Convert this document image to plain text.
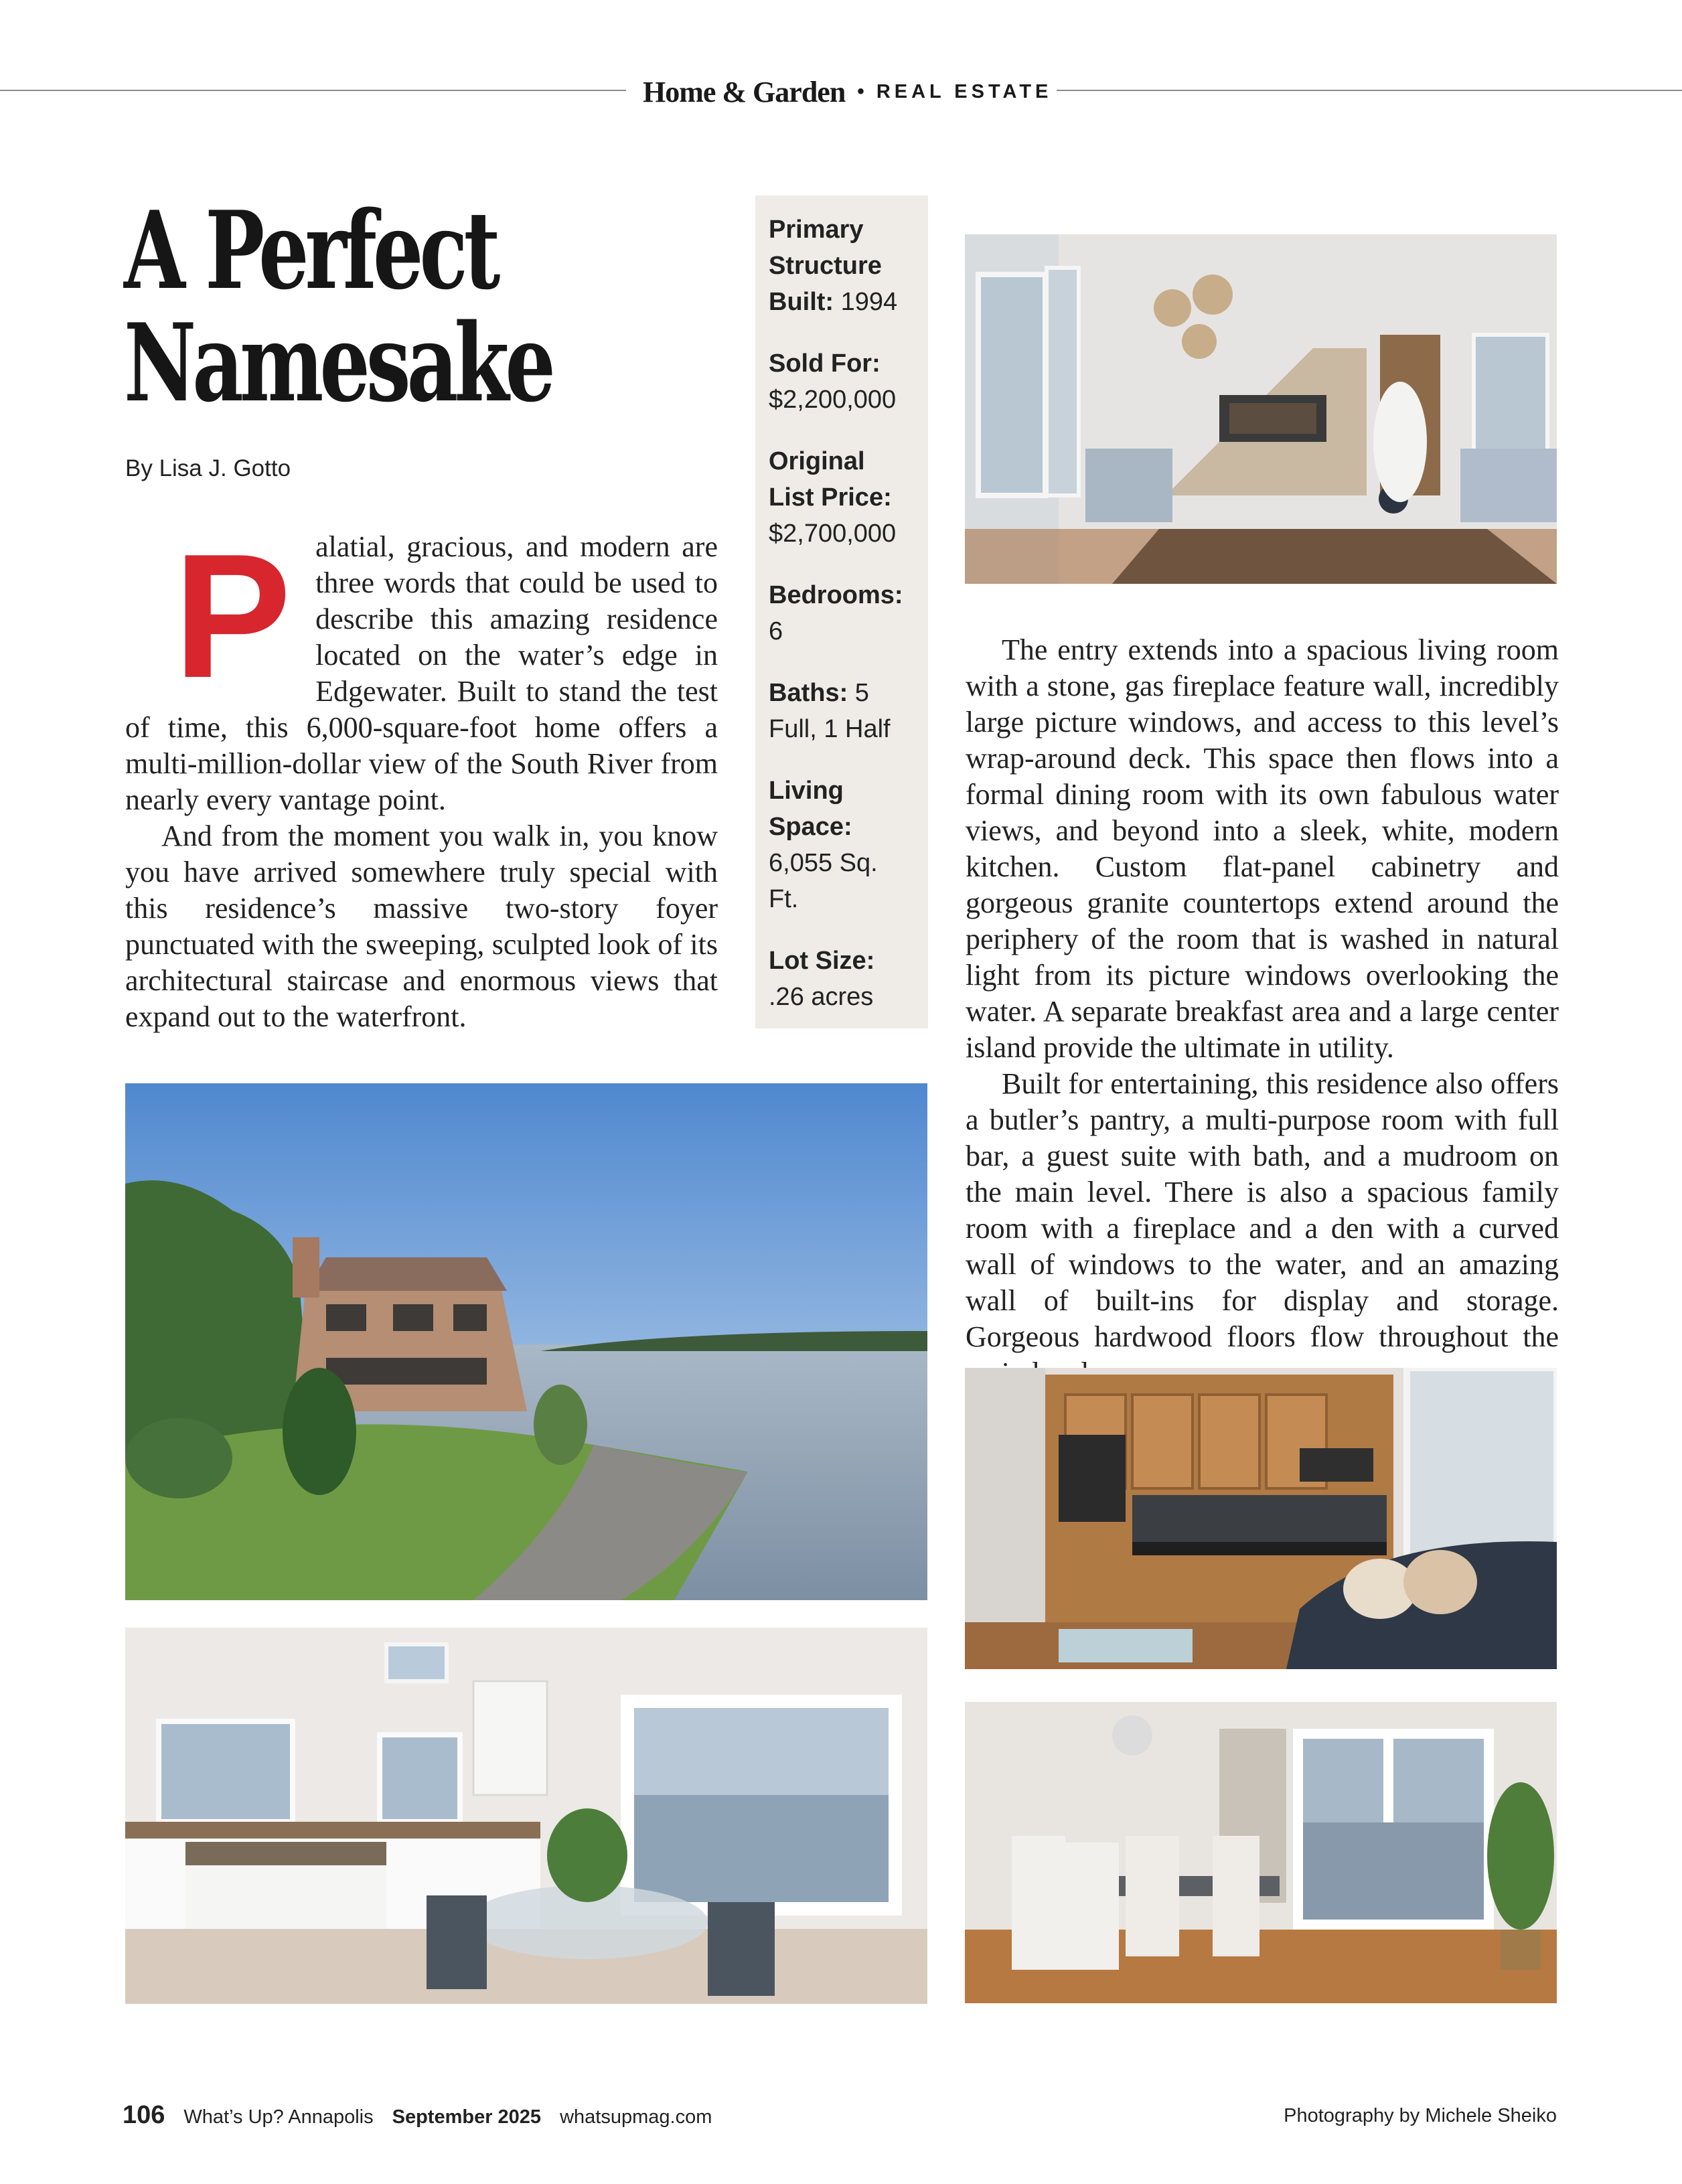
Home & Garden • REAL ESTATE
A Perfect
Namesake
By Lisa J. Gotto

P alatial, gracious, and modern are three words that could be used to describe this amazing residence located on the water’s edge in Edgewater. Built to stand the test of time, this 6,000-square-foot home offers a multi-million-dollar view of the South River from nearly every vantage point.

And from the moment you walk in, you know you have arrived somewhere truly special with this residence’s massive two-story foyer punctuated with the sweeping, sculpted look of its architectural staircase and enormous views that expand out to the waterfront.

Primary Structure Built: 1994
Sold For:
$2,200,000
Original List Price:
$2,700,000
Bedrooms:
6
Baths: 5 Full, 1 Half
Living Space:
6,055 Sq. Ft.
Lot Size:
.26 acres

The entry extends into a spacious living room with a stone, gas fireplace feature wall, incredibly large picture windows, and access to this level’s wrap-around deck. This space then flows into a formal dining room with its own fabulous water views, and beyond into a sleek, white, modern kitchen. Custom flat-panel cabinetry and gorgeous granite countertops extend around the periphery of the room that is washed in natural light from its picture windows overlooking the water. A separate breakfast area and a large center island provide the ultimate in utility.

Built for entertaining, this residence also offers a butler’s pantry, a multi-purpose room with full bar, a guest suite with bath, and a mudroom on the main level. There is also a spacious family room with a fireplace and a den with a curved wall of windows to the water, and an amazing wall of built-ins for display and storage. Gorgeous hardwood floors flow throughout the

106 What’s Up? Annapolis September 2025 whatsupmag.com	Photography by Michele Sheiko
